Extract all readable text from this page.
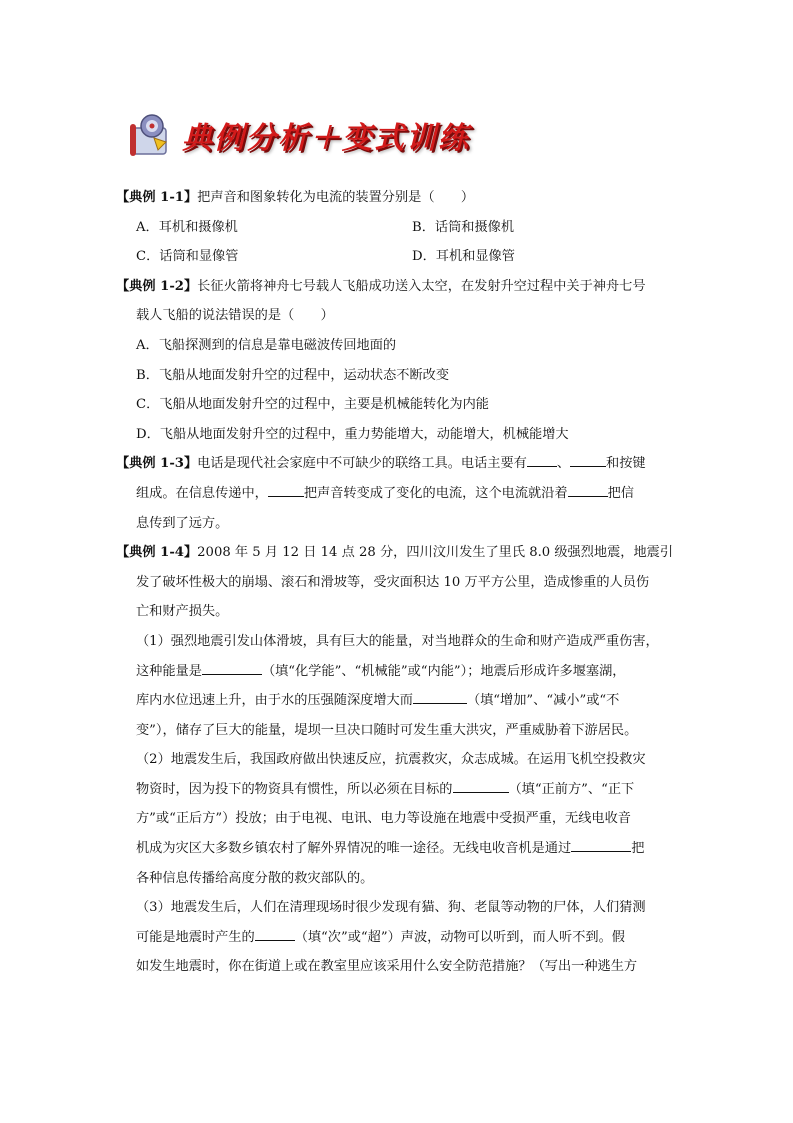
典例分析＋变式训练
【典例 1-1】把声音和图象转化为电流的装置分别是（　　）
A．耳机和摄像机	B．话筒和摄像机
C．话筒和显像管	D．耳机和显像管
【典例 1-2】长征火箭将神舟七号载人飞船成功送入太空，在发射升空过程中关于神舟七号
载人飞船的说法错误的是（　　）
A．飞船探测到的信息是靠电磁波传回地面的
B．飞船从地面发射升空的过程中，运动状态不断改变
C．飞船从地面发射升空的过程中，主要是机械能转化为内能
D．飞船从地面发射升空的过程中，重力势能增大，动能增大，机械能增大
【典例 1-3】电话是现代社会家庭中不可缺少的联络工具。电话主要有 、	和按键
组成。在信息传递中，	把声音转变成了变化的电流，这个电流就沿着	把信
息传到了远方。
【典例 1-4】2008 年 5 月 12 日 14 点 28 分，四川汶川发生了里氏 8.0 级强烈地震，地震引
发了破坏性极大的崩塌、滚石和滑坡等，受灾面积达 10 万平方公里，造成惨重的人员伤
亡和财产损失。
（1）强烈地震引发山体滑坡，具有巨大的能量，对当地群众的生命和财产造成严重伤害，
这种能量是	（填“化学能”、“机械能”或“内能”）；地震后形成许多堰塞湖，
库内水位迅速上升，由于水的压强随深度增大而	（填“增加”、“减小”或“不
变”），储存了巨大的能量，堤坝一旦决口随时可发生重大洪灾，严重威胁着下游居民。
（2）地震发生后，我国政府做出快速反应，抗震救灾，众志成城。在运用飞机空投救灾
物资时，因为投下的物资具有惯性，所以必须在目标的	（填“正前方”、“正下
方”或“正后方”）投放；由于电视、电讯、电力等设施在地震中受损严重，无线电收音
机成为灾区大多数乡镇农村了解外界情况的唯一途径。无线电收音机是通过	把
各种信息传播给高度分散的救灾部队的。
（3）地震发生后，人们在清理现场时很少发现有猫、狗、老鼠等动物的尸体，人们猜测
可能是地震时产生的	（填“次”或“超”）声波，动物可以听到，而人听不到。假
如发生地震时，你在街道上或在教室里应该采用什么安全防范措施？（写出一种逃生方
